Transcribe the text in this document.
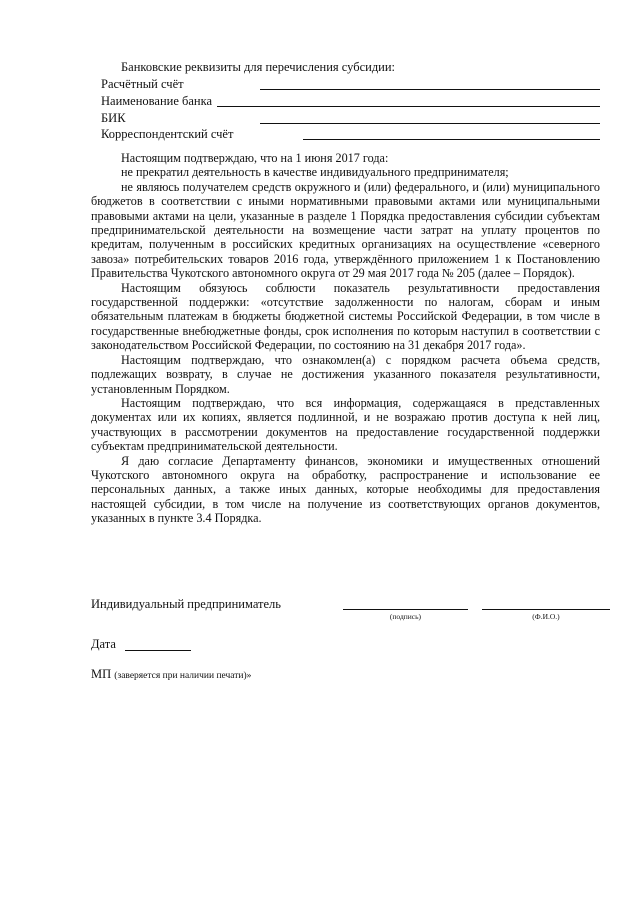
Банковские реквизиты для перечисления субсидии:
Расчётный счёт
Наименование банка
БИК
Корреспондентский счёт

Настоящим подтверждаю, что на 1 июня 2017 года:

не прекратил деятельность в качестве индивидуального предпринимателя;

не являюсь получателем средств окружного и (или) федерального, и (или) муниципального бюджетов в соответствии с иными нормативными правовыми актами или муниципальными правовыми актами на цели, указанные в разделе 1 Порядка предоставления субсидии субъектам предпринимательской деятельности на возмещение части затрат на уплату процентов по кредитам, полученным в российских кредитных организациях на осуществление «северного завоза» потребительских товаров 2016 года, утверждённого приложением 1 к Постановлению Правительства Чукотского автономного округа от 29 мая 2017 года № 205 (далее – Порядок).

Настоящим обязуюсь соблюсти показатель результативности предоставления государственной поддержки: «отсутствие задолженности по налогам, сборам и иным обязательным платежам в бюджеты бюджетной системы Российской Федерации, в том числе в государственные внебюджетные фонды, срок исполнения по которым наступил в соответствии с законодательством Российской Федерации, по состоянию на 31 декабря 2017 года».

Настоящим подтверждаю, что ознакомлен(а) с порядком расчета объема средств, подлежащих возврату, в случае не достижения указанного показателя результативности, установленным Порядком.

Настоящим подтверждаю, что вся информация, содержащаяся в представленных документах или их копиях, является подлинной, и не возражаю против доступа к ней лиц, участвующих в рассмотрении документов на предоставление государственной поддержки субъектам предпринимательской деятельности.

Я даю согласие Департаменту финансов, экономики и имущественных отношений Чукотского автономного округа на обработку, распространение и использование ее персональных данных, а также иных данных, которые необходимы для предоставления настоящей субсидии, в том числе на получение из соответствующих органов документов, указанных в пункте 3.4 Порядка.

Индивидуальный предприниматель
(подпись)	(Ф.И.О.)
Дата
МП (заверяется при наличии печати)»
